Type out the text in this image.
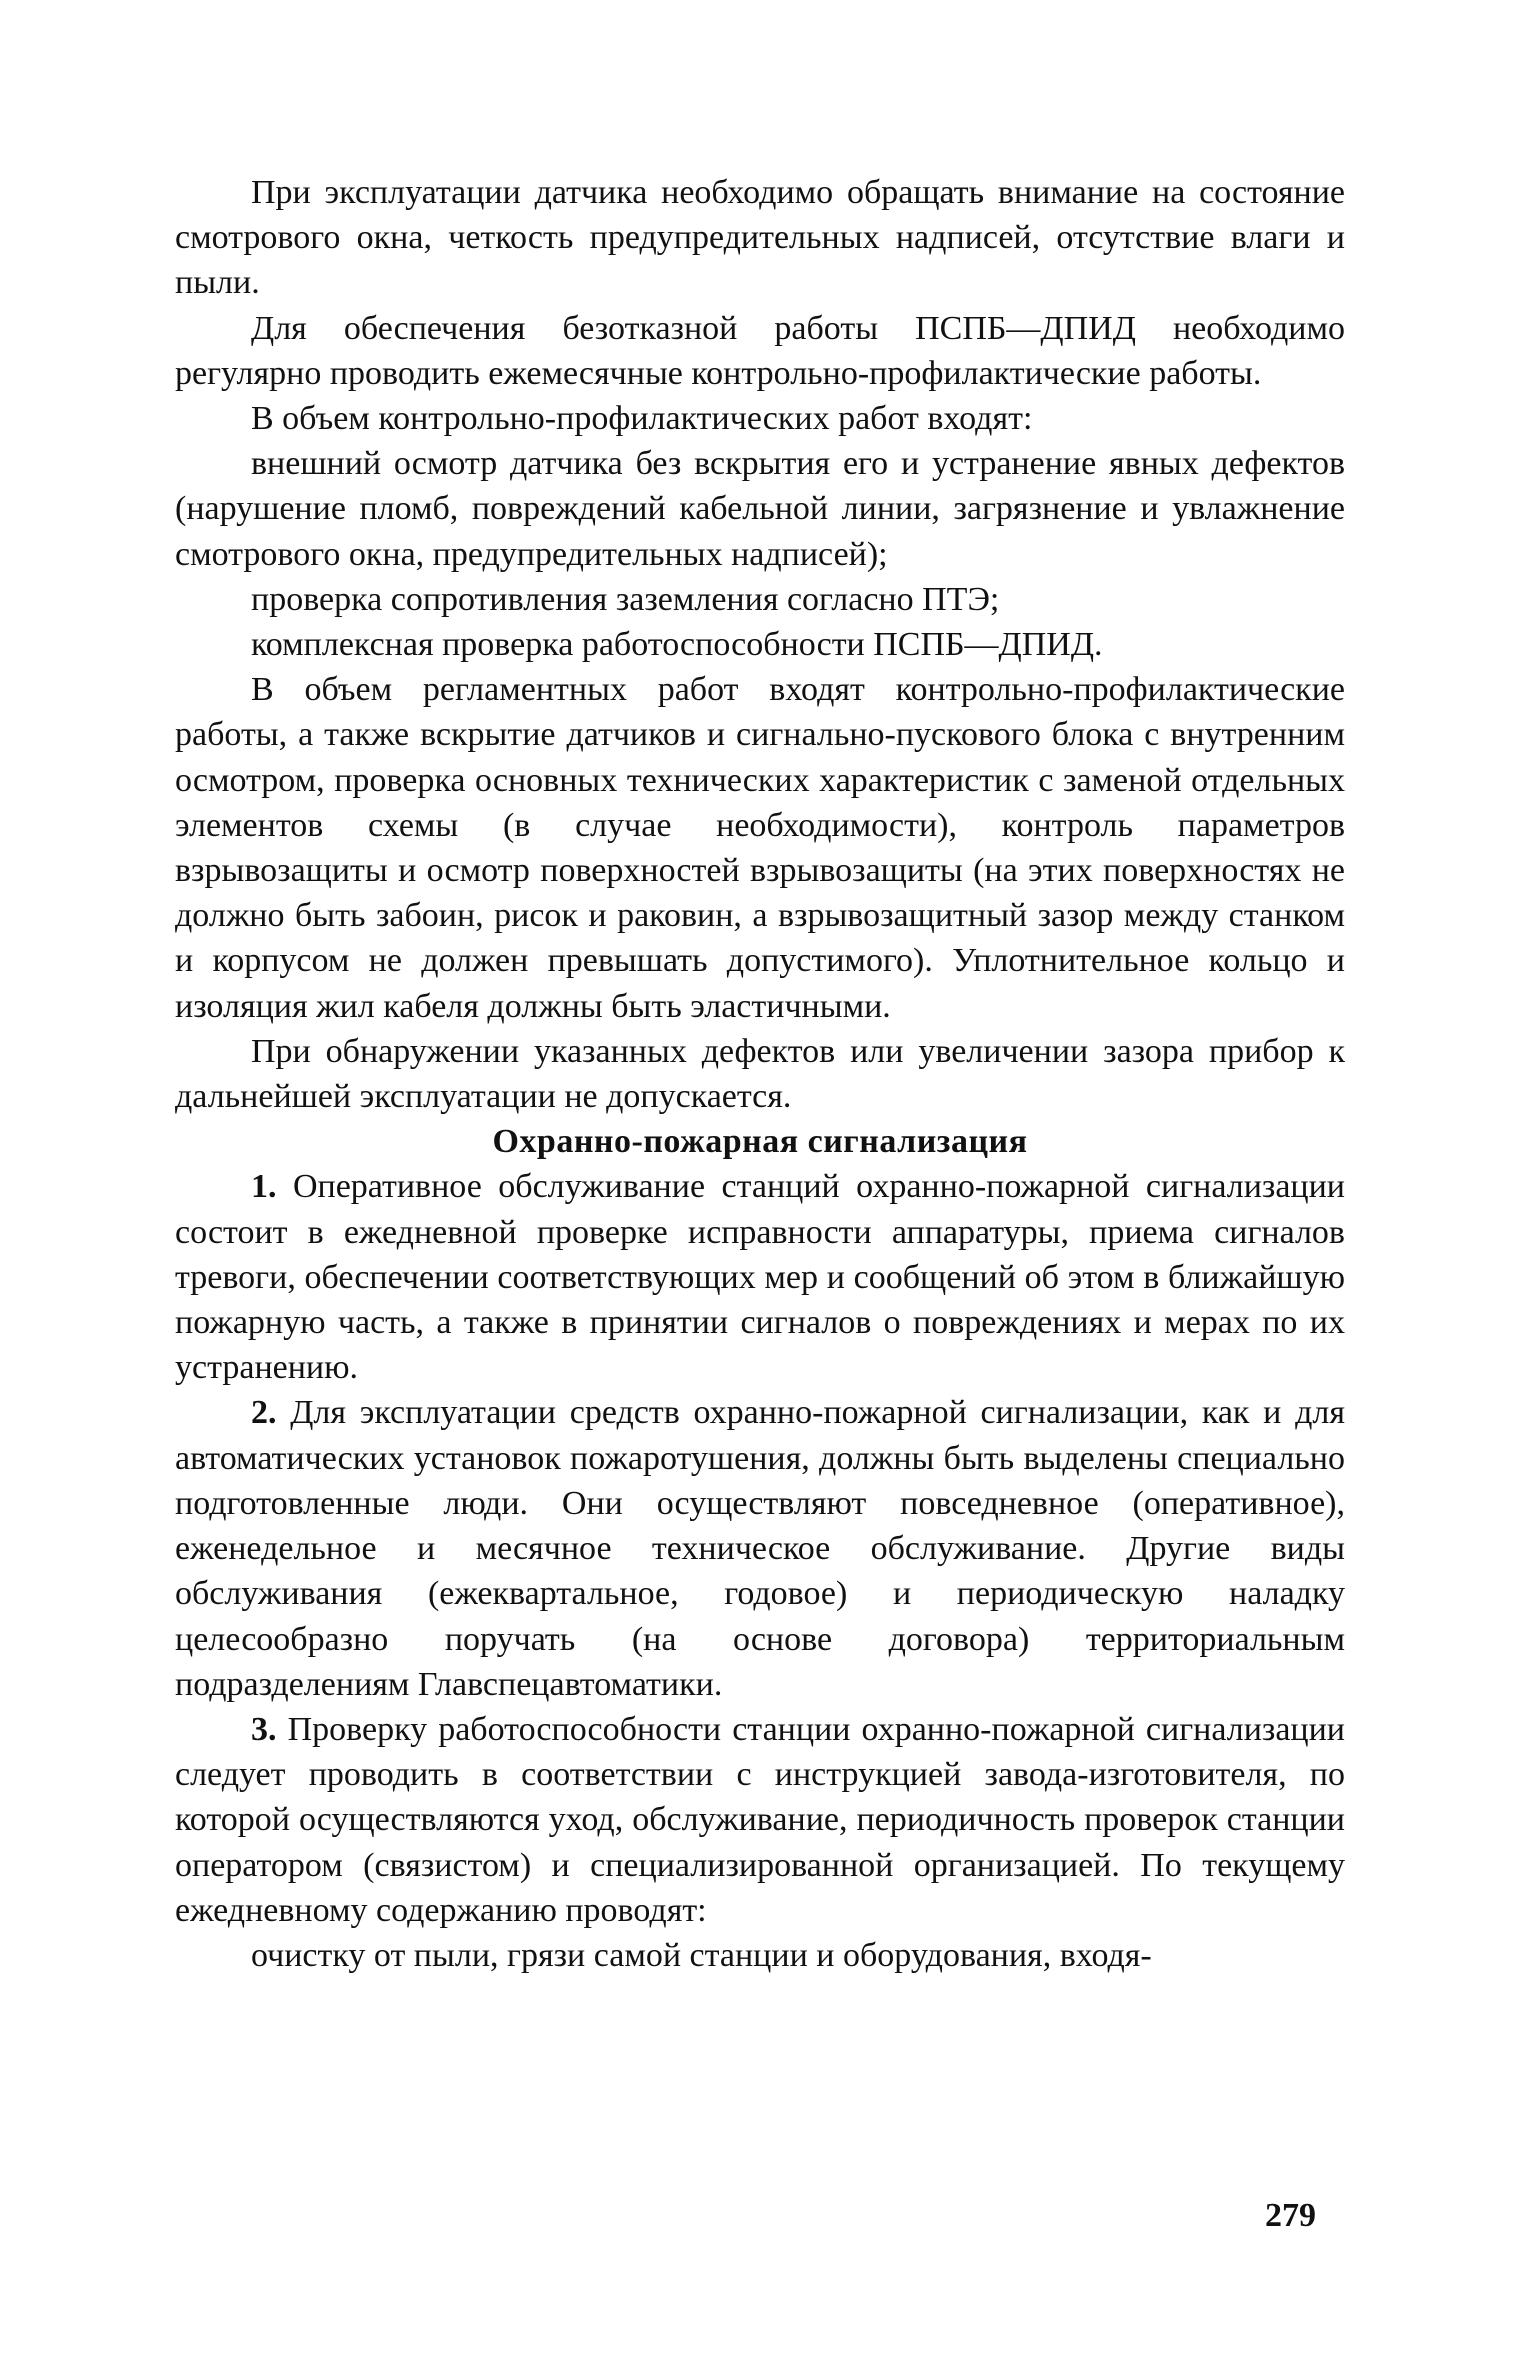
При эксплуатации датчика необходимо обращать внимание на состояние смотрового окна, четкость предупредительных надписей, отсутствие влаги и пыли.

Для обеспечения безотказной работы ПСПБ—ДПИД необходимо регулярно проводить ежемесячные контрольно-профилактические работы.

В объем контрольно-профилактических работ входят:

внешний осмотр датчика без вскрытия его и устранение явных дефектов (нарушение пломб, повреждений кабельной линии, загрязнение и увлажнение смотрового окна, предупредительных надписей);

проверка сопротивления заземления согласно ПТЭ;

комплексная проверка работоспособности ПСПБ—ДПИД.

В объем регламентных работ входят контрольно-профилактические работы, а также вскрытие датчиков и сигнально-пускового блока с внутренним осмотром, проверка основных технических характеристик с заменой отдельных элементов схемы (в случае необходимости), контроль параметров взрывозащиты и осмотр поверхностей взрывозащиты (на этих поверхностях не должно быть забоин, рисок и раковин, а взрывозащитный зазор между станком и корпусом не должен превышать допустимого). Уплотнительное кольцо и изоляция жил кабеля должны быть эластичными.

При обнаружении указанных дефектов или увеличении зазора прибор к дальнейшей эксплуатации не допускается.

Охранно-пожарная сигнализация

1. Оперативное обслуживание станций охранно-пожарной сигнализации состоит в ежедневной проверке исправности аппаратуры, приема сигналов тревоги, обеспечении соответствующих мер и сообщений об этом в ближайшую пожарную часть, а также в принятии сигналов о повреждениях и мерах по их устранению.

2. Для эксплуатации средств охранно-пожарной сигнализации, как и для автоматических установок пожаротушения, должны быть выделены специально подготовленные люди. Они осуществляют повседневное (оперативное), еженедельное и месячное техническое обслуживание. Другие виды обслуживания (ежеквартальное, годовое) и периодическую наладку целесообразно поручать (на основе договора) территориальным подразделениям Главспецавтоматики.

3. Проверку работоспособности станции охранно-пожарной сигнализации следует проводить в соответствии с инструкцией завода-изготовителя, по которой осуществляются уход, обслуживание, периодичность проверок станции оператором (связистом) и специализированной организацией. По текущему ежедневному содержанию проводят:

очистку от пыли, грязи самой станции и оборудования, входя-

279
